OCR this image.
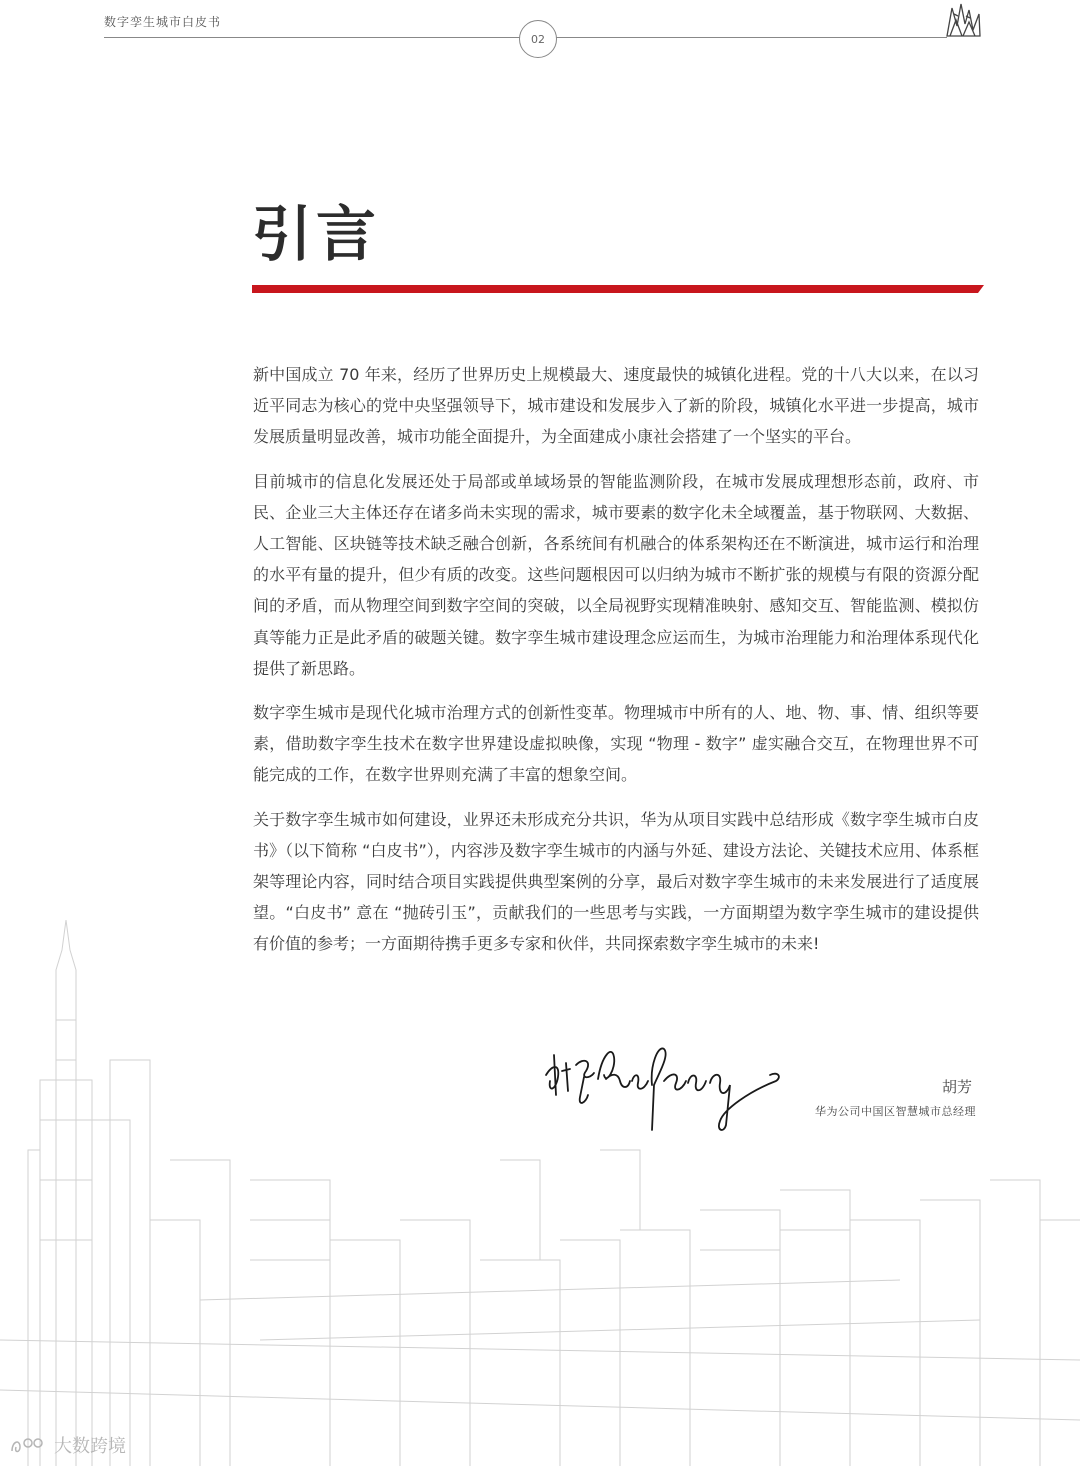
数字孪生城市白皮书
02
引言

新中国成立 70 年来，经历了世界历史上规模最大、速度最快的城镇化进程。党的十八大以来，在以习近平同志为核心的党中央坚强领导下，城市建设和发展步入了新的阶段，城镇化水平进一步提高，城市发展质量明显改善，城市功能全面提升，为全面建成小康社会搭建了一个坚实的平台。

目前城市的信息化发展还处于局部或单域场景的智能监测阶段，在城市发展成理想形态前，政府、市民、企业三大主体还存在诸多尚未实现的需求，城市要素的数字化未全域覆盖，基于物联网、大数据、人工智能、区块链等技术缺乏融合创新，各系统间有机融合的体系架构还在不断演进，城市运行和治理的水平有量的提升，但少有质的改变。这些问题根因可以归纳为城市不断扩张的规模与有限的资源分配间的矛盾，而从物理空间到数字空间的突破，以全局视野实现精准映射、感知交互、智能监测、模拟仿真等能力正是此矛盾的破题关键。数字孪生城市建设理念应运而生，为城市治理能力和治理体系现代化提供了新思路。

数字孪生城市是现代化城市治理方式的创新性变革。物理城市中所有的人、地、物、事、情、组织等要素，借助数字孪生技术在数字世界建设虚拟映像，实现 “物理 - 数字” 虚实融合交互，在物理世界不可能完成的工作，在数字世界则充满了丰富的想象空间。

关于数字孪生城市如何建设，业界还未形成充分共识，华为从项目实践中总结形成《数字孪生城市白皮书》（以下简称 “白皮书”），内容涉及数字孪生城市的内涵与外延、建设方法论、关键技术应用、体系框架等理论内容，同时结合项目实践提供典型案例的分享，最后对数字孪生城市的未来发展进行了适度展望。“白皮书” 意在 “抛砖引玉”，贡献我们的一些思考与实践，一方面期望为数字孪生城市的建设提供有价值的参考；一方面期待携手更多专家和伙伴，共同探索数字孪生城市的未来!

胡芳
华为公司中国区智慧城市总经理
大数跨境
